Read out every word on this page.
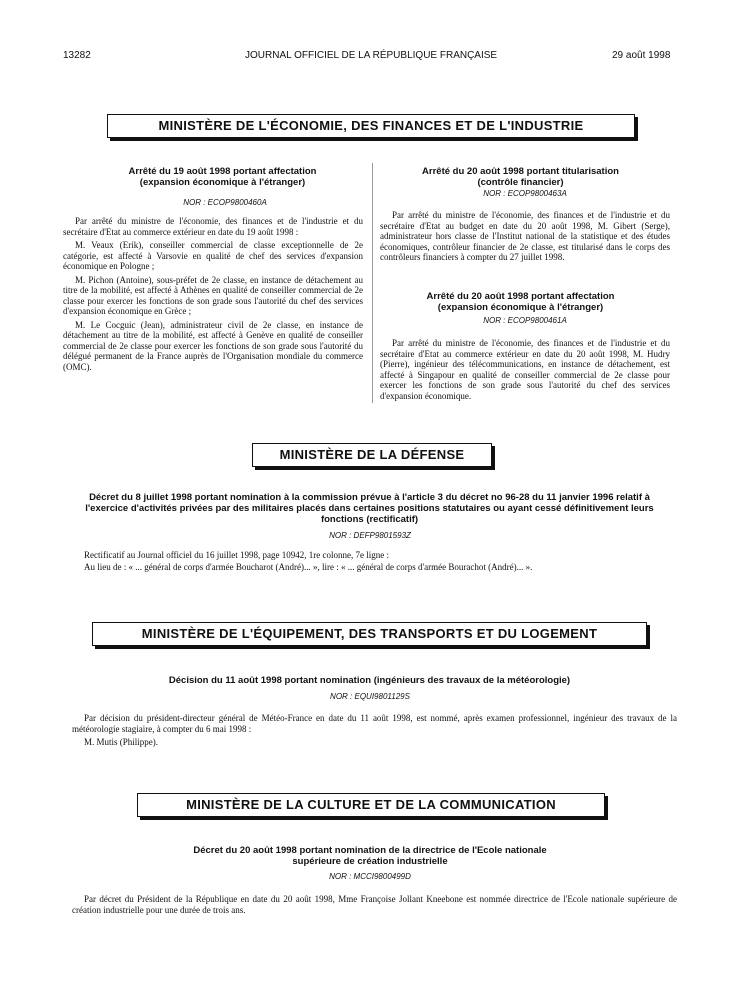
13282	JOURNAL OFFICIEL DE LA RÉPUBLIQUE FRANÇAISE	29 août 1998
MINISTÈRE DE L'ÉCONOMIE, DES FINANCES ET DE L'INDUSTRIE
Arrêté du 19 août 1998 portant affectation (expansion économique à l'étranger)
NOR : ECOP9800460A

Par arrêté du ministre de l'économie, des finances et de l'industrie et du secrétaire d'Etat au commerce extérieur en date du 19 août 1998 :

M. Veaux (Erik), conseiller commercial de classe exceptionnelle de 2e catégorie, est affecté à Varsovie en qualité de chef des services d'expansion économique en Pologne ;

M. Pichon (Antoine), sous-préfet de 2e classe, en instance de détachement au titre de la mobilité, est affecté à Athènes en qualité de conseiller commercial de 2e classe pour exercer les fonctions de son grade sous l'autorité du chef des services d'expansion économique en Grèce ;

M. Le Cocguic (Jean), administrateur civil de 2e classe, en instance de détachement au titre de la mobilité, est affecté à Genève en qualité de conseiller commercial de 2e classe pour exercer les fonctions de son grade sous l'autorité du délégué permanent de la France auprès de l'Organisation mondiale du commerce (OMC).

Arrêté du 20 août 1998 portant titularisation (contrôle financier)
NOR : ECOP9800463A

Par arrêté du ministre de l'économie, des finances et de l'industrie et du secrétaire d'Etat au budget en date du 20 août 1998, M. Gibert (Serge), administrateur hors classe de l'Institut national de la statistique et des études économiques, contrôleur financier de 2e classe, est titularisé dans le corps des contrôleurs financiers à compter du 27 juillet 1998.

Arrêté du 20 août 1998 portant affectation (expansion économique à l'étranger)
NOR : ECOP9800461A

Par arrêté du ministre de l'économie, des finances et de l'industrie et du secrétaire d'Etat au commerce extérieur en date du 20 août 1998, M. Hudry (Pierre), ingénieur des télécommunications, en instance de détachement, est affecté à Singapour en qualité de conseiller commercial de 2e classe pour exercer les fonctions de son grade sous l'autorité du chef des services d'expansion économique.

MINISTÈRE DE LA DÉFENSE
Décret du 8 juillet 1998 portant nomination à la commission prévue à l'article 3 du décret no 96-28 du 11 janvier 1996 relatif à l'exercice d'activités privées par des militaires placés dans certaines positions statutaires ou ayant cessé définitivement leurs fonctions (rectificatif)
NOR : DEFP9801593Z

Rectificatif au Journal officiel du 16 juillet 1998, page 10942, 1re colonne, 7e ligne :

Au lieu de : « ... général de corps d'armée Boucharot (André)... », lire : « ... général de corps d'armée Bourachot (André)... ».

MINISTÈRE DE L'ÉQUIPEMENT, DES TRANSPORTS ET DU LOGEMENT
Décision du 11 août 1998 portant nomination (ingénieurs des travaux de la météorologie)
NOR : EQUI9801129S

Par décision du président-directeur général de Météo-France en date du 11 août 1998, est nommé, après examen professionnel, ingénieur des travaux de la météorologie stagiaire, à compter du 6 mai 1998 :

M. Mutis (Philippe).

MINISTÈRE DE LA CULTURE ET DE LA COMMUNICATION
Décret du 20 août 1998 portant nomination de la directrice de l'Ecole nationale supérieure de création industrielle
NOR : MCCI9800499D

Par décret du Président de la République en date du 20 août 1998, Mme Françoise Jollant Kneebone est nommée directrice de l'Ecole nationale supérieure de création industrielle pour une durée de trois ans.
